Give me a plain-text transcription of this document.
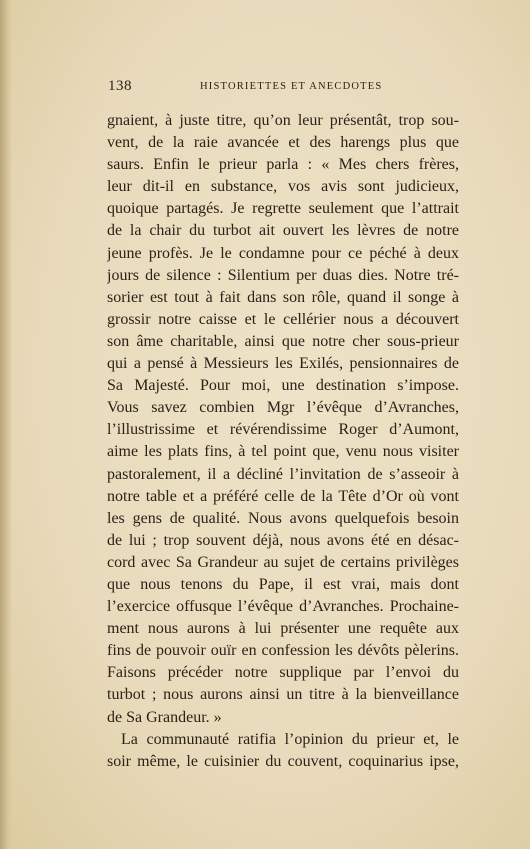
138	HISTORIETTES ET ANECDOTES
gnaient, à juste titre, qu’on leur présentât, trop sou-
vent, de la raie avancée et des harengs plus que
saurs. Enfin le prieur parla : « Mes chers frères,
leur dit-il en substance, vos avis sont judicieux,
quoique partagés. Je regrette seulement que l’attrait
de la chair du turbot ait ouvert les lèvres de notre
jeune profès. Je le condamne pour ce péché à deux
jours de silence : Silentium per duas dies. Notre tré-
sorier est tout à fait dans son rôle, quand il songe à
grossir notre caisse et le cellérier nous a découvert
son âme charitable, ainsi que notre cher sous-prieur
qui a pensé à Messieurs les Exilés, pensionnaires de
Sa Majesté. Pour moi, une destination s’impose.
Vous savez combien Mgr l’évêque d’Avranches,
l’illustrissime et révérendissime Roger d’Aumont,
aime les plats fins, à tel point que, venu nous visiter
pastoralement, il a décliné l’invitation de s’asseoir à
notre table et a préféré celle de la Tête d’Or où vont
les gens de qualité. Nous avons quelquefois besoin
de lui ; trop souvent déjà, nous avons été en désac-
cord avec Sa Grandeur au sujet de certains privilèges
que nous tenons du Pape, il est vrai, mais dont
l’exercice offusque l’évêque d’Avranches. Prochaine-
ment nous aurons à lui présenter une requête aux
fins de pouvoir ouïr en confession les dévôts pèlerins.
Faisons précéder notre supplique par l’envoi du
turbot ; nous aurons ainsi un titre à la bienveillance
de Sa Grandeur. »
La communauté ratifia l’opinion du prieur et, le
soir même, le cuisinier du couvent, coquinarius ipse,
